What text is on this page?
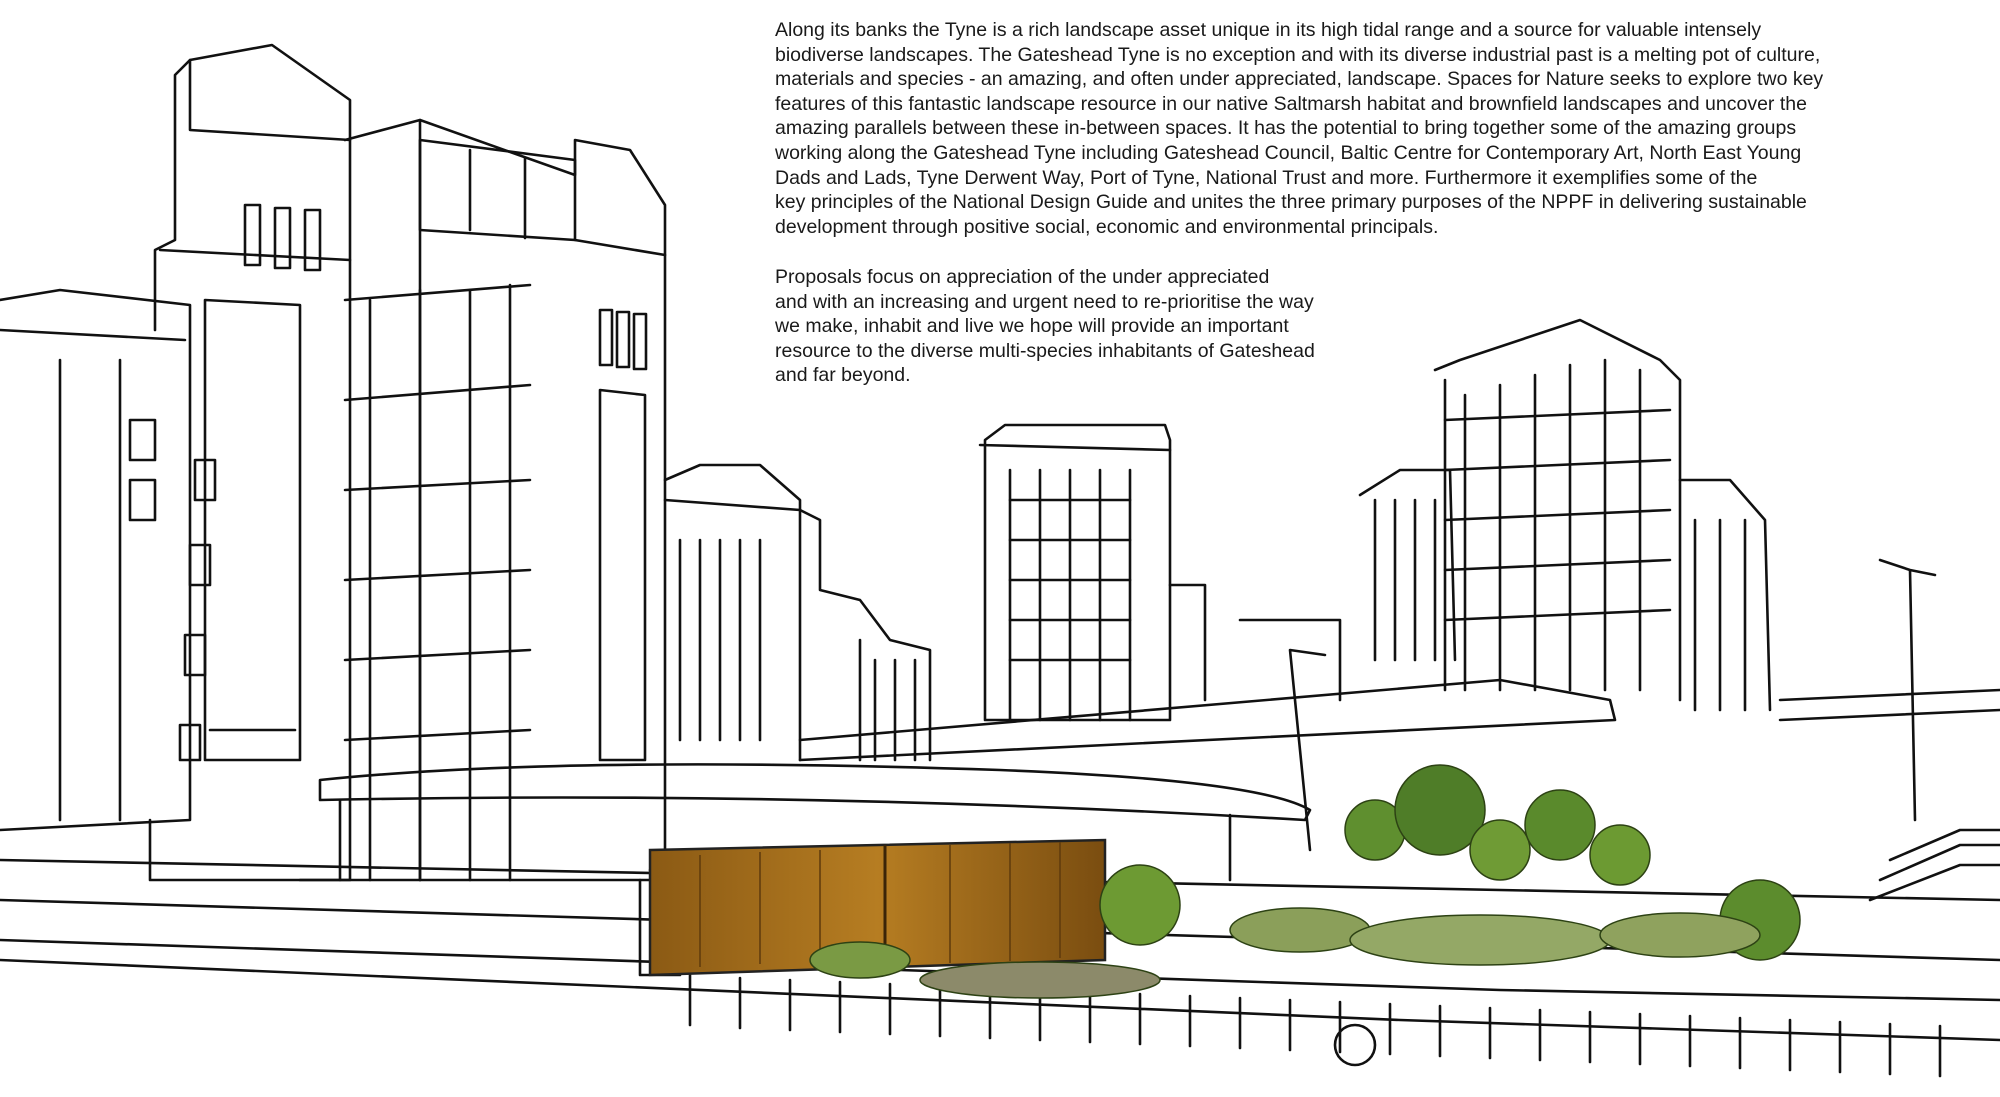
Along its banks the Tyne is a rich landscape asset unique in its high tidal range and a source for valuable intensely
biodiverse landscapes. The Gateshead Tyne is no exception and with its diverse industrial past is a melting pot of culture,
materials and species - an amazing, and often under appreciated, landscape. Spaces for Nature seeks to explore two key
features of this fantastic landscape resource in our native Saltmarsh habitat and brownfield landscapes and uncover the
amazing parallels between these in-between spaces. It has the potential to bring together some of the amazing groups
working along the Gateshead Tyne including Gateshead Council, Baltic Centre for Contemporary Art, North East Young
Dads and Lads, Tyne Derwent Way, Port of Tyne, National Trust and more. Furthermore it exemplifies some of the
key principles of the National Design Guide and unites the three primary purposes of the NPPF in delivering sustainable
development through positive social, economic and environmental principals.
Proposals focus on appreciation of the under appreciated
and with an increasing and urgent need to re-prioritise the way
we make, inhabit and live we hope will provide an important
resource to the diverse multi-species inhabitants of Gateshead
and far beyond.
